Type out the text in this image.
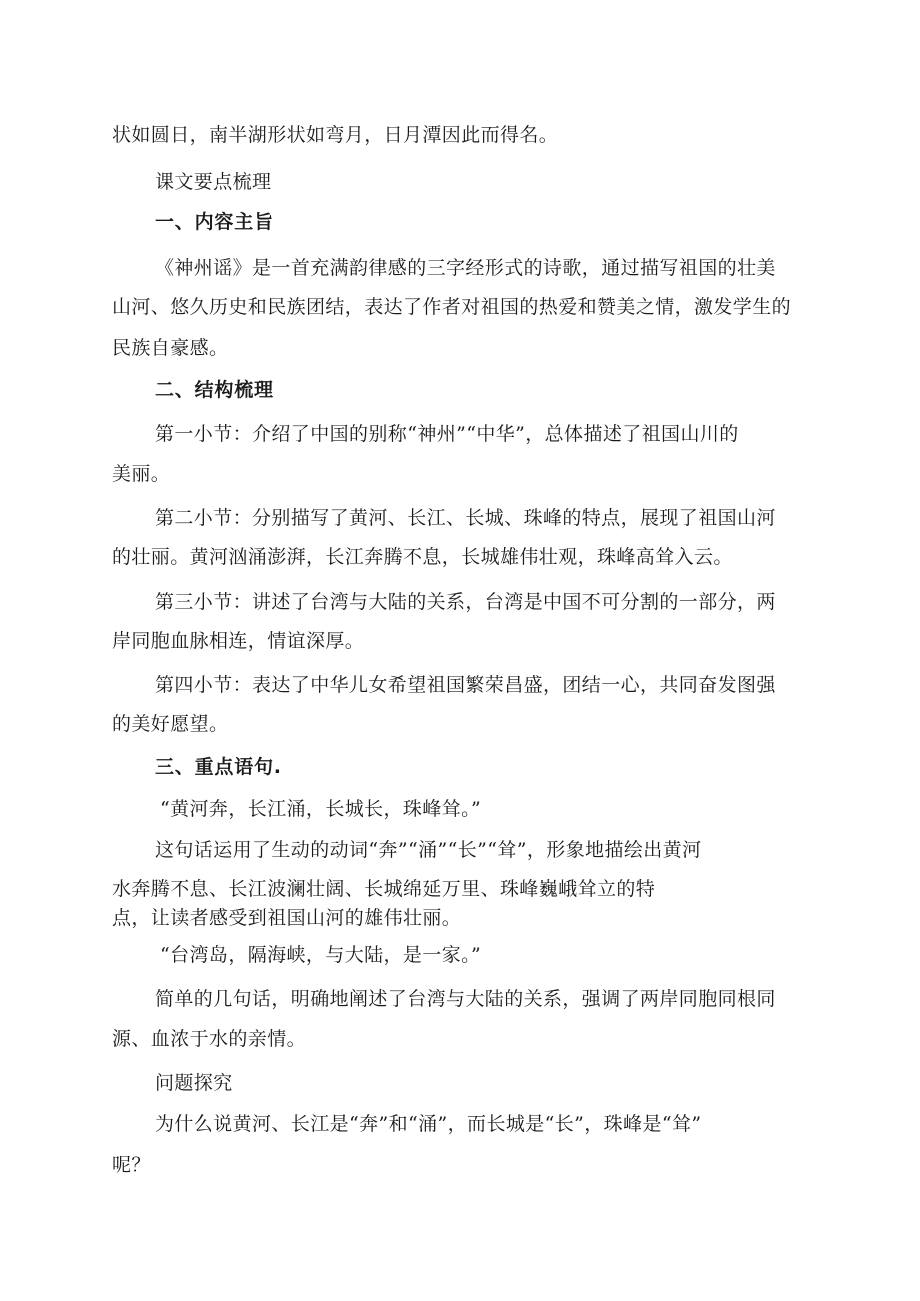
状如圆日，南半湖形状如弯月，日月潭因此而得名。
课文要点梳理
一、内容主旨
《神州谣》是一首充满韵律感的三字经形式的诗歌，通过描写祖国的壮美
山河、悠久历史和民族团结，表达了作者对祖国的热爱和赞美之情，激发学生的
民族自豪感。
二、结构梳理
第一小节：介绍了中国的别称“神州”“中华”，总体描述了祖国山川的
美丽。
第二小节：分别描写了黄河、长江、长城、珠峰的特点，展现了祖国山河
的壮丽。黄河汹涌澎湃，长江奔腾不息，长城雄伟壮观，珠峰高耸入云。
第三小节：讲述了台湾与大陆的关系，台湾是中国不可分割的一部分，两
岸同胞血脉相连，情谊深厚。
第四小节：表达了中华儿女希望祖国繁荣昌盛，团结一心，共同奋发图强
的美好愿望。
三、重点语句.
“黄河奔，长江涌，长城长，珠峰耸。”
这句话运用了生动的动词“奔”“涌”“长”“耸”，形象地描绘出黄河
水奔腾不息、长江波澜壮阔、长城绵延万里、珠峰巍峨耸立的特
点，让读者感受到祖国山河的雄伟壮丽。
“台湾岛，隔海峡，与大陆，是一家。”
简单的几句话，明确地阐述了台湾与大陆的关系，强调了两岸同胞同根同
源、血浓于水的亲情。
问题探究
为什么说黄河、长江是“奔”和“涌”，而长城是“长”，珠峰是“耸”
呢？
